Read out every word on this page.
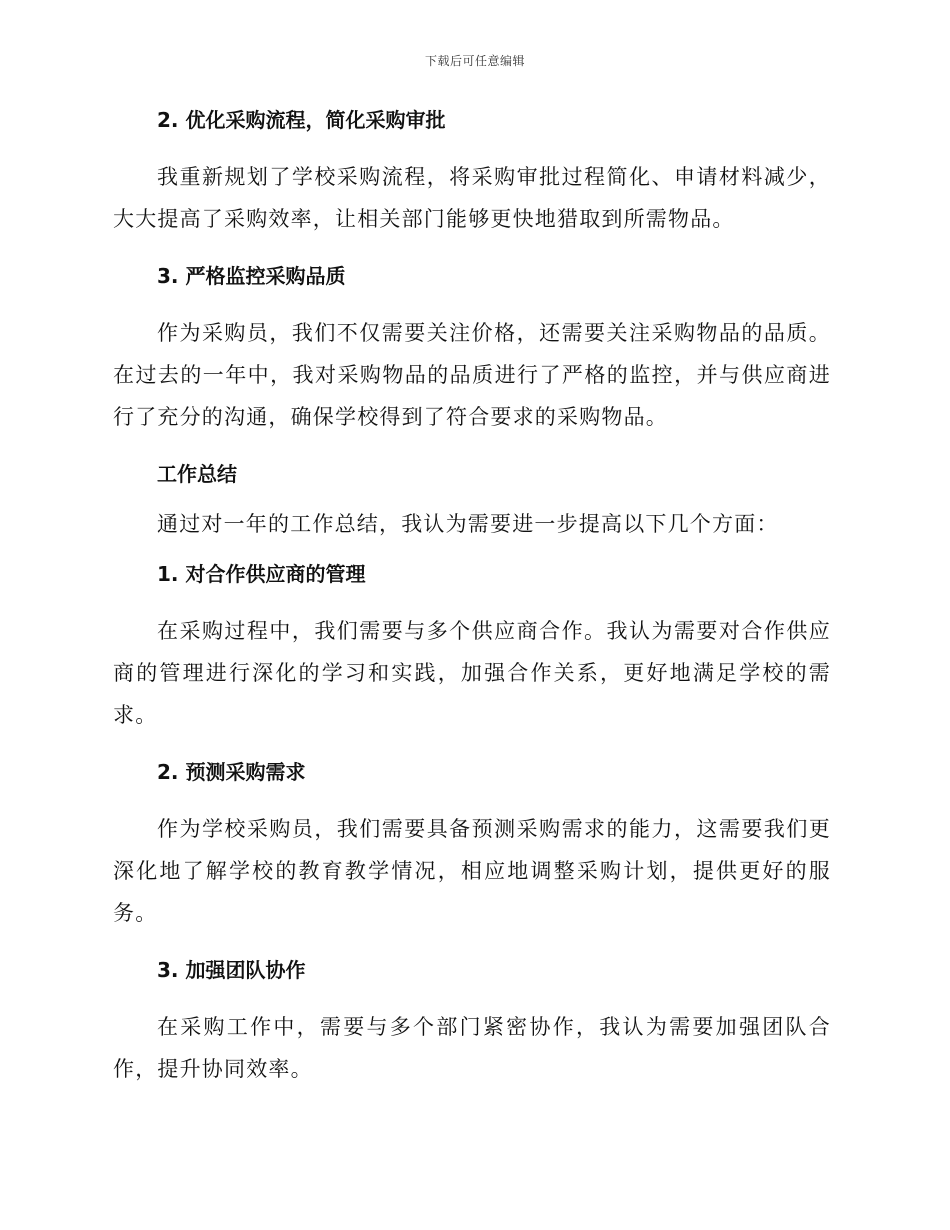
下载后可任意编辑
2. 优化采购流程，简化采购审批

我重新规划了学校采购流程，将采购审批过程简化、申请材料减少，大大提高了采购效率，让相关部门能够更快地猎取到所需物品。

3. 严格监控采购品质

作为采购员，我们不仅需要关注价格，还需要关注采购物品的品质。在过去的一年中，我对采购物品的品质进行了严格的监控，并与供应商进行了充分的沟通，确保学校得到了符合要求的采购物品。

工作总结

通过对一年的工作总结，我认为需要进一步提高以下几个方面：

1. 对合作供应商的管理

在采购过程中，我们需要与多个供应商合作。我认为需要对合作供应商的管理进行深化的学习和实践，加强合作关系，更好地满足学校的需求。

2. 预测采购需求

作为学校采购员，我们需要具备预测采购需求的能力，这需要我们更深化地了解学校的教育教学情况，相应地调整采购计划，提供更好的服务。

3. 加强团队协作

在采购工作中，需要与多个部门紧密协作，我认为需要加强团队合作，提升协同效率。
